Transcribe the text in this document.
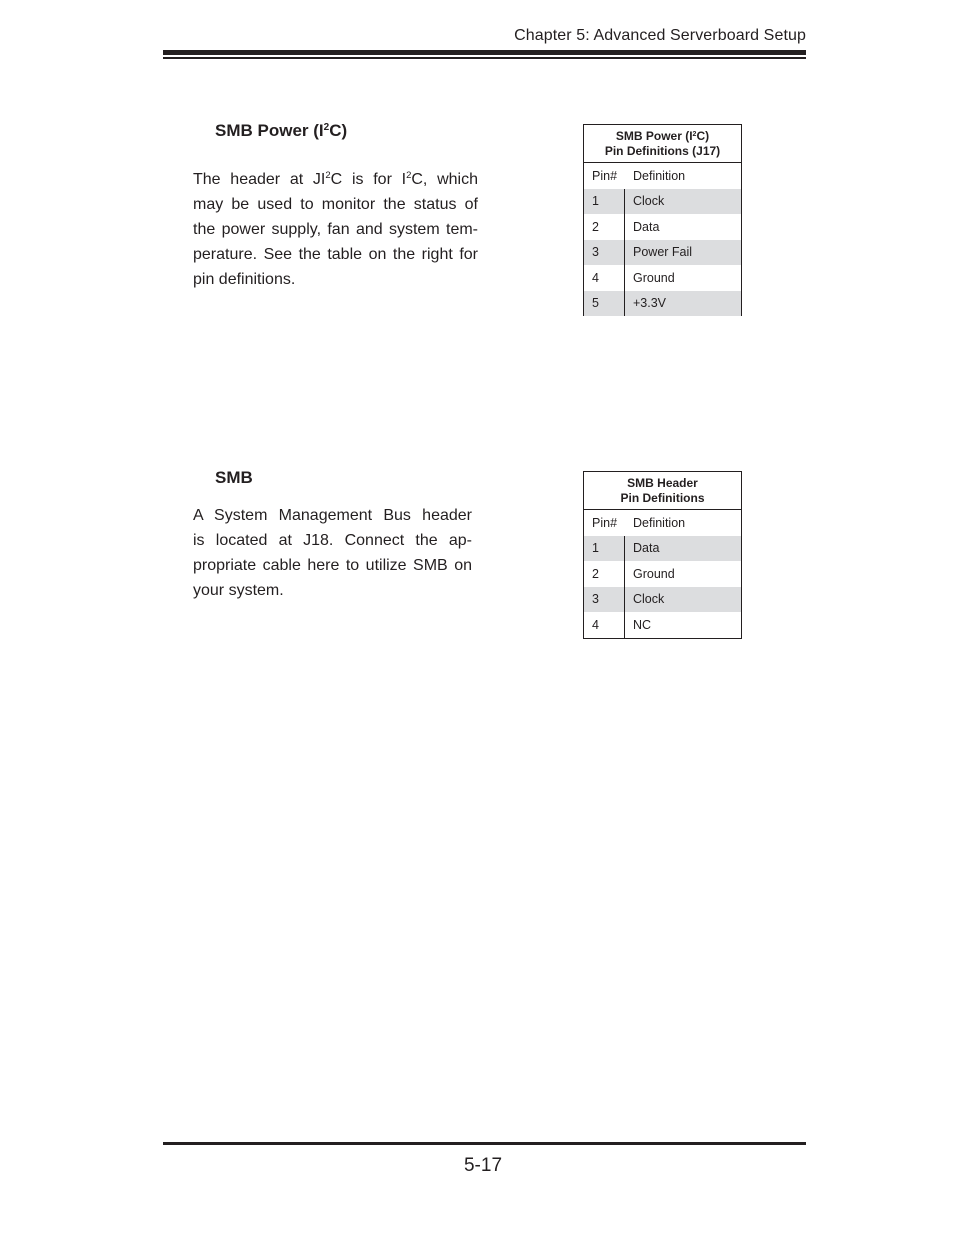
Chapter 5: Advanced Serverboard Setup
SMB Power $(I^2C)$
The header at $JI^2C$ is for $I^2C$, which
may be used to monitor the status of
the power supply, fan and system tem-
perature. See the table on the right for
pin definitions.
SMB Power $(I^2C)$
Pin Definitions (J17)
Pin#	Definition
1	Clock
2	Data
3	Power Fail
4	Ground
5	+3.3V
SMB
A System Management Bus header
is located at J18. Connect the ap-
propriate cable here to utilize SMB on
your system.
SMB Header
Pin Definitions
Pin#	Definition
1	Data
2	Ground
3	Clock
4	NC
5-17
